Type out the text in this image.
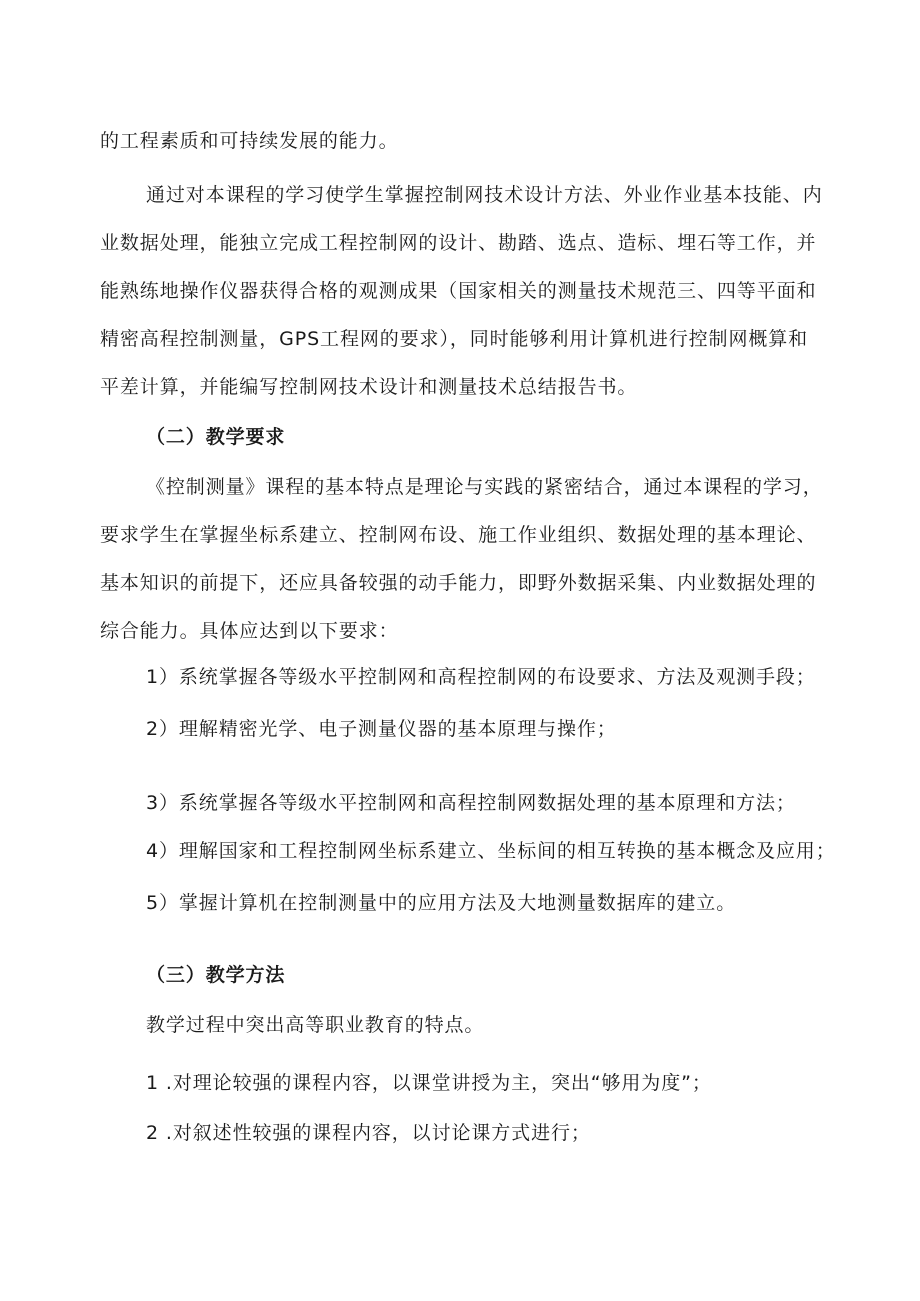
的工程素质和可持续发展的能力。

通过对本课程的学习使学生掌握控制网技术设计方法、外业作业基本技能、内

业数据处理，能独立完成工程控制网的设计、勘踏、选点、造标、埋石等工作，并

能熟练地操作仪器获得合格的观测成果（国家相关的测量技术规范三、四等平面和

精密高程控制测量，GPS工程网的要求），同时能够利用计算机进行控制网概算和

平差计算，并能编写控制网技术设计和测量技术总结报告书。

（二）教学要求

《控制测量》课程的基本特点是理论与实践的紧密结合，通过本课程的学习，

要求学生在掌握坐标系建立、控制网布设、施工作业组织、数据处理的基本理论、

基本知识的前提下，还应具备较强的动手能力，即野外数据采集、内业数据处理的

综合能力。具体应达到以下要求：

1）系统掌握各等级水平控制网和高程控制网的布设要求、方法及观测手段；

2）理解精密光学、电子测量仪器的基本原理与操作；

3）系统掌握各等级水平控制网和高程控制网数据处理的基本原理和方法；

4）理解国家和工程控制网坐标系建立、坐标间的相互转换的基本概念及应用；

5）掌握计算机在控制测量中的应用方法及大地测量数据库的建立。

（三）教学方法

教学过程中突出高等职业教育的特点。

1 .对理论较强的课程内容，以课堂讲授为主，突出“够用为度”；

2 .对叙述性较强的课程内容，以讨论课方式进行；
